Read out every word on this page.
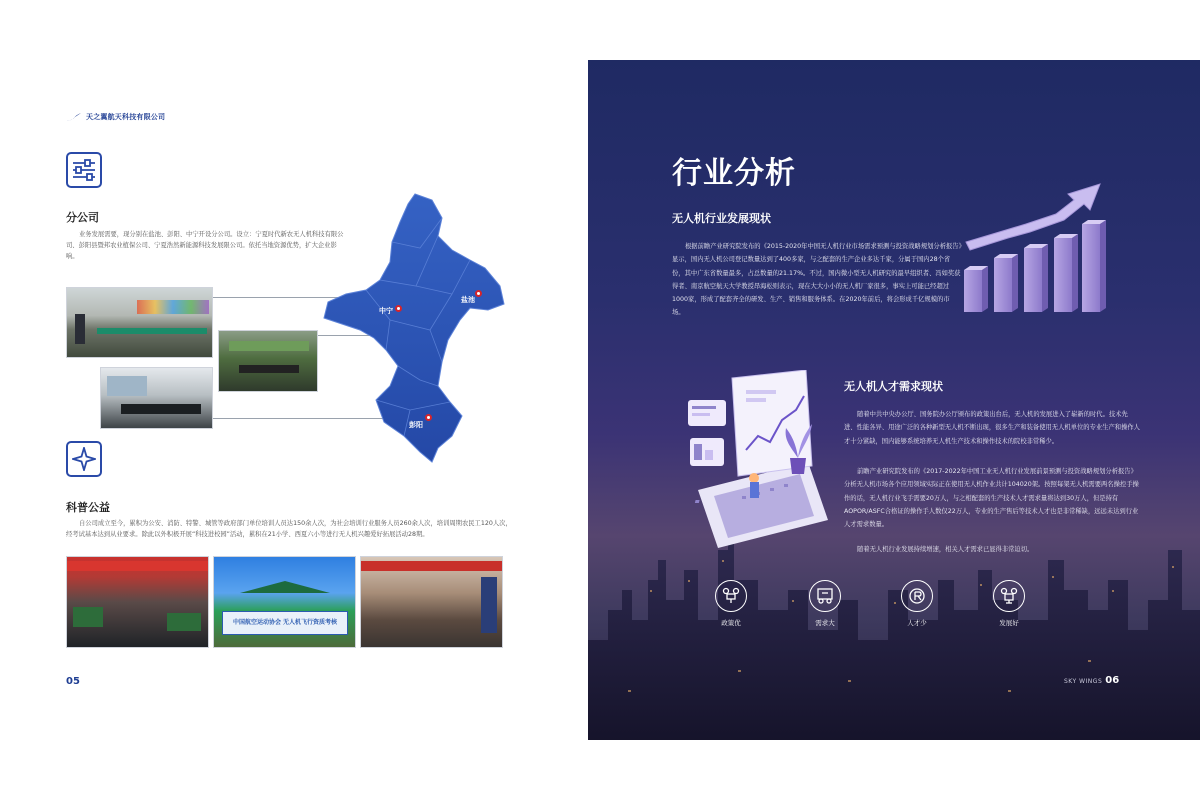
天之翼航天科技有限公司
分公司

业务发展需要，现分别在盐池、彭阳、中宁开设分公司。设立：宁夏时代新农无人机科技有限公司、彭阳县暨邦农业植保公司、宁夏浩然新能源科技发展限公司。依托当地资源优势，扩大企业影响。

中宁
盐池
彭阳
科普公益

自公司成立至今，累积为公安、消防、特警、城管等政府部门单位培训人员达150余人次，为社会培训行业服务人员260余人次，培训周期农民工120人次，经考试基本达到从业要求。除此以外积极开展“科技进校园”活动，累积在21小学、西夏六小等进行无人机兴趣爱好拓展活动28期。

中国航空运动协会 无人机飞行资质考核
05
行业分析
无人机行业发展现状

根据前瞻产业研究院发布的《2015-2020年中国无人机行业市场需求预测与投资战略规划分析报告》显示，国内无人机公司登记数量达到了400多家，与之配套的生产企业多达千家，分属于国内28个省份，其中广东省数量最多，占总数量的21.17%。不过，国内微小型无人机研究的最早组织者、冯如奖获得者、南京航空航天大学教授昂海松则表示，现在大大小小的无人机厂家很多，事实上可能已经超过1000家，形成了配套齐全的研发、生产、销售和服务体系。在2020年前后，将会形成千亿规模的市场。

无人机人才需求现状

随着中共中央办公厅、国务院办公厅颁布的政策出台后，无人机的发展进入了崭新的时代。技术先进、性能各异、用途广泛的各种新型无人机不断出现，很多生产和装备使用无人机单位的专业生产和操作人才十分紧缺，国内能够系统培养无人机生产技术和操作技术的院校非常稀少。

前瞻产业研究院发布的《2017-2022年中国工业无人机行业发展前景预测与投资战略规划分析报告》分析无人机市场各个应用领域实际正在使用无人机作业共计104020架。按照每架无人机需要两名操控手操作的话，无人机行业飞手需要20万人，与之相配套的生产技术人才需求量将达到30万人，但是持有AOPOR/ASFC合格证的操作手人数仅22万人，专业的生产售后等技术人才也是非常稀缺，远远未达到行业人才需求数量。

随着无人机行业发展持续增速，相关人才需求已显得非常迫切。

政策优	需求大	人才少	发展好
SKY WINGS 06
